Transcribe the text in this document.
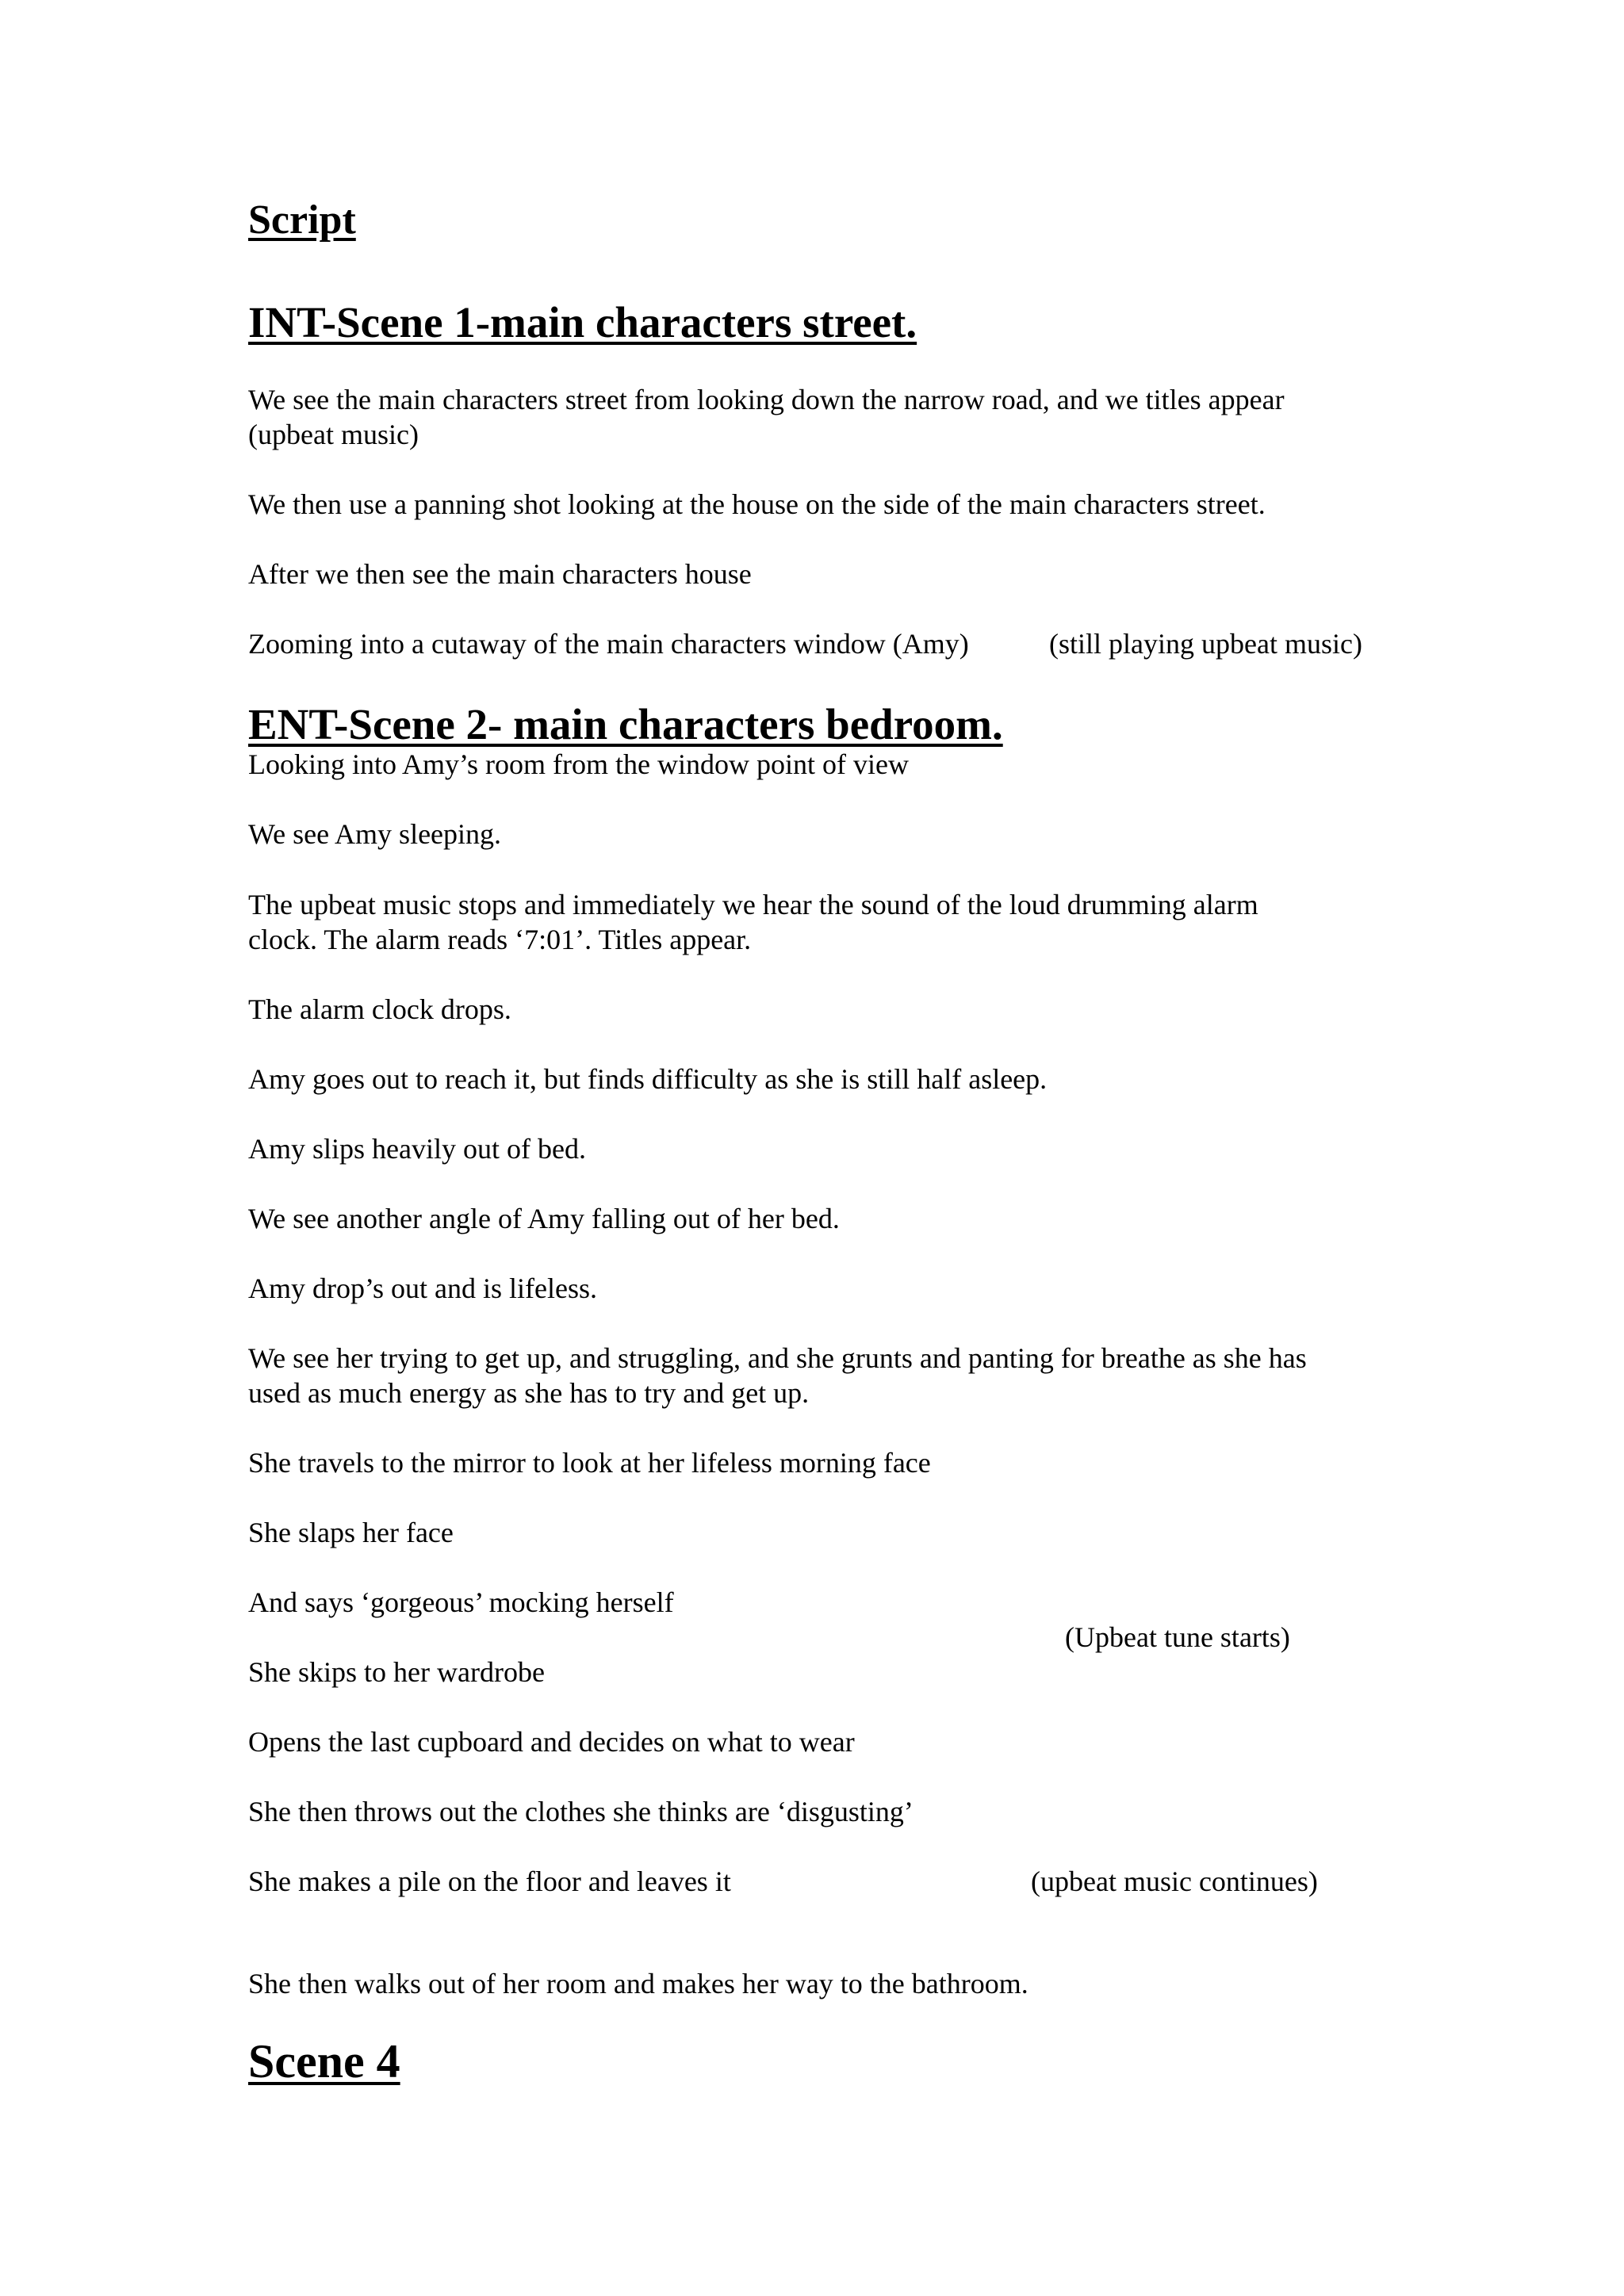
Script
INT-Scene 1-main characters street.

We see the main characters street from looking down the narrow road, and we titles appear

(upbeat music)

We then use a panning shot looking at the house on the side of the main characters street.

After we then see the main characters house

Zooming into a cutaway of the main characters window (Amy)	(still playing upbeat music)
ENT-Scene 2- main characters bedroom.

Looking into Amy’s room from the window point of view

We see Amy sleeping.

The upbeat music stops and immediately we hear the sound of the loud drumming alarm

clock. The alarm reads ‘7:01’. Titles appear.

The alarm clock drops.

Amy goes out to reach it, but finds difficulty as she is still half asleep.

Amy slips heavily out of bed.

We see another angle of Amy falling out of her bed.

Amy drop’s out and is lifeless.

We see her trying to get up, and struggling, and she grunts and panting for breathe as she has

used as much energy as she has to try and get up.

She travels to the mirror to look at her lifeless morning face

She slaps her face

And says ‘gorgeous’ mocking herself

(Upbeat tune starts)

She skips to her wardrobe

Opens the last cupboard and decides on what to wear

She then throws out the clothes she thinks are ‘disgusting’

She makes a pile on the floor and leaves it	(upbeat music continues)

She then walks out of her room and makes her way to the bathroom.

Scene 4
